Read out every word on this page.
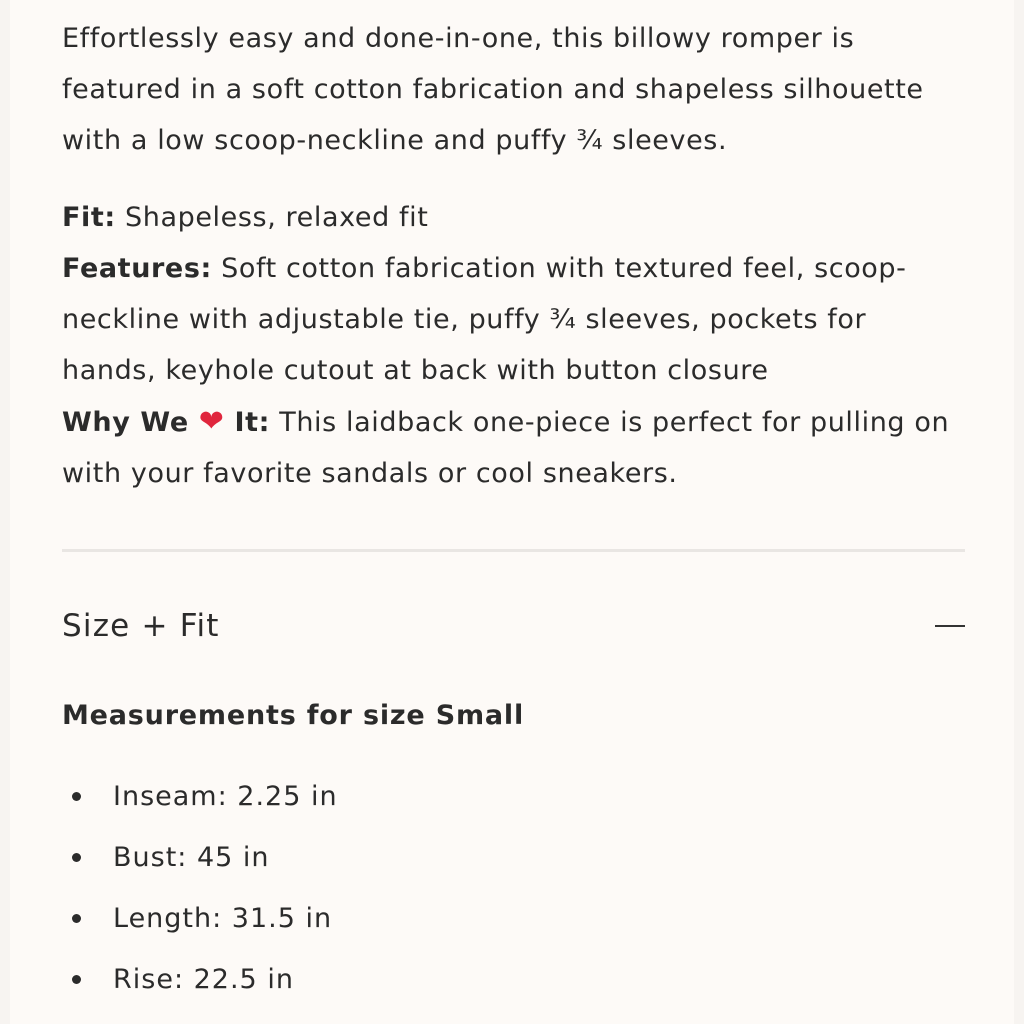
Effortlessly easy and done-in-one, this billowy romper is featured in a soft cotton fabrication and shapeless silhouette with a low scoop-neckline and puffy ¾ sleeves.

Fit: Shapeless, relaxed fit
Features: Soft cotton fabrication with textured feel, scoop-neckline with adjustable tie, puffy ¾ sleeves, pockets for hands, keyhole cutout at back with button closure
Why We ❤ It: This laidback one-piece is perfect for pulling on with your favorite sandals or cool sneakers.
Size + Fit
Measurements for size Small
Inseam: 2.25 in
Bust: 45 in
Length: 31.5 in
Rise: 22.5 in
